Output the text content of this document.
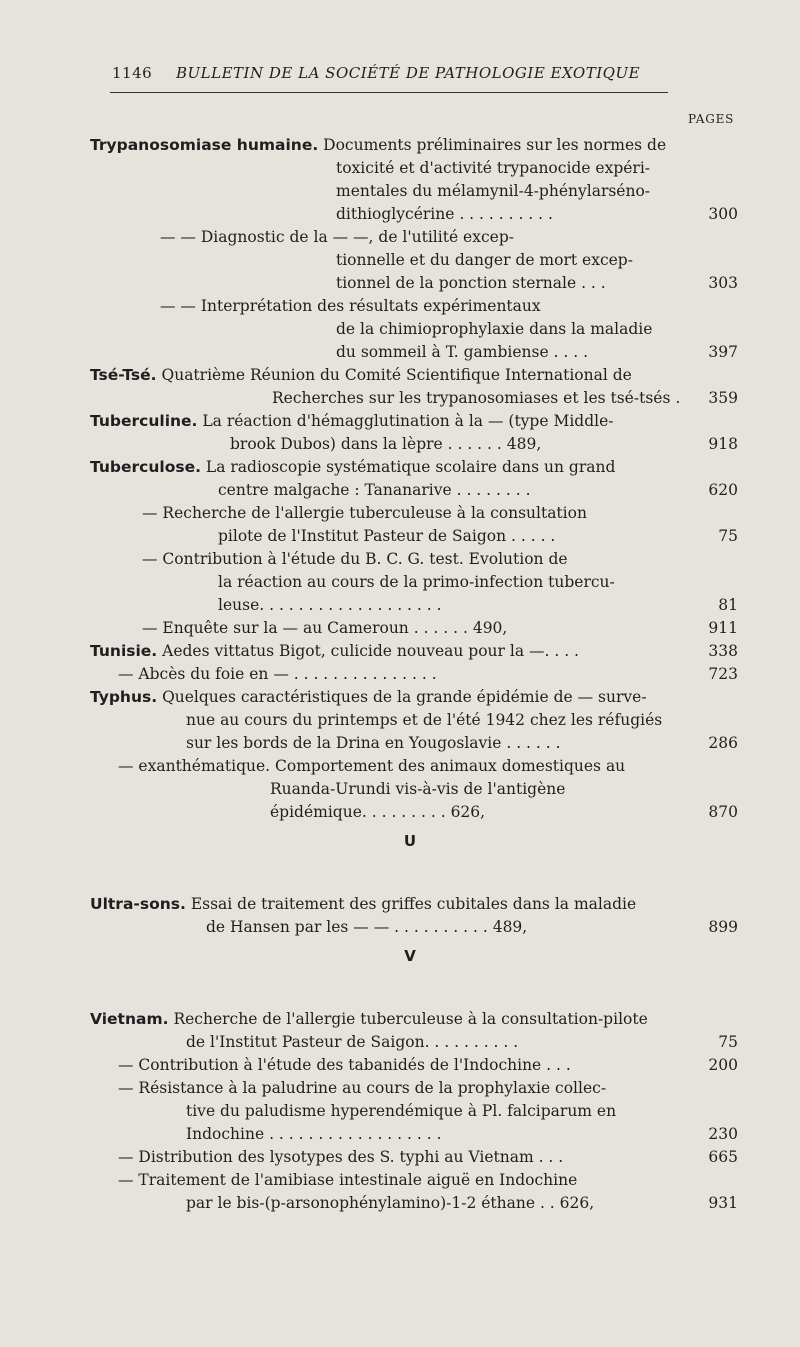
1146 BULLETIN DE LA SOCIÉTÉ DE PATHOLOGIE EXOTIQUE
PAGES
Trypanosomiase humaine. Documents préliminaires sur les normes de
toxicité et d'activité trypanocide expéri-
mentales du mélamynil-4-phénylarséno-
dithioglycérine . . . . . . . . . .	300
— — Diagnostic de la — —, de l'utilité excep-
tionnelle et du danger de mort excep-
tionnel de la ponction sternale . . .	303
— — Interprétation des résultats expérimentaux
de la chimioprophylaxie dans la maladie
du sommeil à T. gambiense . . . .	397
Tsé-Tsé. Quatrième Réunion du Comité Scientifique International de
Recherches sur les trypanosomiases et les tsé-tsés .	359
Tuberculine. La réaction d'hémagglutination à la — (type Middle-
brook Dubos) dans la lèpre . . . . . . 489,	918
Tuberculose. La radioscopie systématique scolaire dans un grand
centre malgache : Tananarive . . . . . . . .	620
— Recherche de l'allergie tuberculeuse à la consultation
pilote de l'Institut Pasteur de Saigon . . . . .	75
— Contribution à l'étude du B. C. G. test. Evolution de
la réaction au cours de la primo-infection tubercu-
leuse. . . . . . . . . . . . . . . . . . .	81
— Enquête sur la — au Cameroun . . . . . . 490,	911
Tunisie. Aedes vittatus Bigot, culicide nouveau pour la —. . . .	338
— Abcès du foie en — . . . . . . . . . . . . . . .	723
Typhus. Quelques caractéristiques de la grande épidémie de — surve-
nue au cours du printemps et de l'été 1942 chez les réfugiés
sur les bords de la Drina en Yougoslavie . . . . . .	286
— exanthématique. Comportement des animaux domestiques au
Ruanda-Urundi vis-à-vis de l'antigène
épidémique. . . . . . . . . 626,	870
Ultra-sons. Essai de traitement des griffes cubitales dans la maladie
de Hansen par les — — . . . . . . . . . . 489,	899
Vietnam. Recherche de l'allergie tuberculeuse à la consultation-pilote
de l'Institut Pasteur de Saigon. . . . . . . . . .	75
— Contribution à l'étude des tabanidés de l'Indochine . . .	200
— Résistance à la paludrine au cours de la prophylaxie collec-
tive du paludisme hyperendémique à Pl. falciparum en
Indochine . . . . . . . . . . . . . . . . . .	230
— Distribution des lysotypes des S. typhi au Vietnam . . .	665
— Traitement de l'amibiase intestinale aiguë en Indochine
par le bis-(p-arsonophénylamino)-1-2 éthane . . 626,	931
U
V
